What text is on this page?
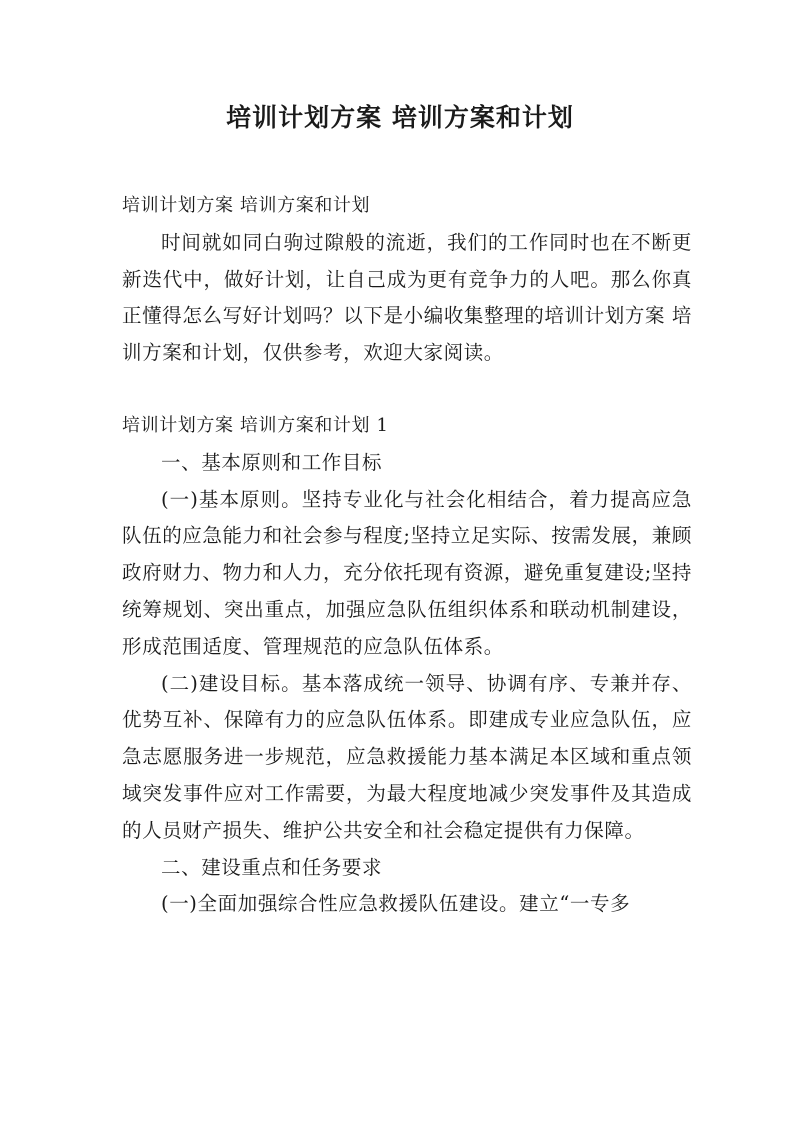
培训计划方案 培训方案和计划

培训计划方案 培训方案和计划

时间就如同白驹过隙般的流逝，我们的工作同时也在不断更新迭代中，做好计划，让自己成为更有竞争力的人吧。那么你真正懂得怎么写好计划吗？以下是小编收集整理的培训计划方案 培训方案和计划，仅供参考，欢迎大家阅读。

培训计划方案 培训方案和计划 1

一、基本原则和工作目标

(一)基本原则。坚持专业化与社会化相结合，着力提高应急队伍的应急能力和社会参与程度;坚持立足实际、按需发展，兼顾政府财力、物力和人力，充分依托现有资源，避免重复建设;坚持统筹规划、突出重点，加强应急队伍组织体系和联动机制建设，形成范围适度、管理规范的应急队伍体系。

(二)建设目标。基本落成统一领导、协调有序、专兼并存、优势互补、保障有力的应急队伍体系。即建成专业应急队伍，应急志愿服务进一步规范，应急救援能力基本满足本区域和重点领域突发事件应对工作需要，为最大程度地减少突发事件及其造成的人员财产损失、维护公共安全和社会稳定提供有力保障。

二、建设重点和任务要求

(一)全面加强综合性应急救援队伍建设。建立“一专多
